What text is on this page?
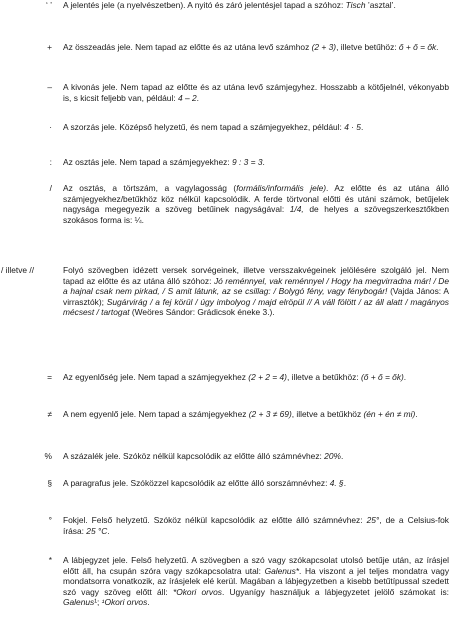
‘ ’ A jelentés jele (a nyelvészetben). A nyitó és záró jelentésjel tapad a szóhoz: Tisch ’asztal’.

+ Az összeadás jele. Nem tapad az előtte és az utána levő számhoz (2 + 3), illetve betűhöz: ő + ő = ők.

– A kivonás jele. Nem tapad az előtte és az utána levő számjegyhez. Hosszabb a kötőjelnél, vékonyabb is, s kicsit feljebb van, például: 4 – 2.

· A szorzás jele. Középső helyzetű, és nem tapad a számjegyekhez, például: 4 · 5.

: Az osztás jele. Nem tapad a számjegyekhez: 9 : 3 = 3.

/ Az osztás, a törtszám, a vagylagosság (formális/informális jele). Az előtte és az utána álló számjegyekhez/betűkhöz köz nélkül kapcsolódik. A ferde törtvonal előtti és utáni számok, betűjelek nagysága megegyezik a szöveg betűinek nagyságával: 1/4, de helyes a szövegszerkesztőkben szokásos forma is: ¼.

/ illetve //	Folyó szövegben idézett versek sorvégeinek, illetve versszakvégeinek jelölésére szolgáló jel. Nem tapad az előtte és az utána álló szóhoz: Jó reménnyel, vak reménnyel / Hogy ha megvirradna már! / De a hajnal csak nem pirkad, / S amit látunk, az se csillag: / Bolygó fény, vagy fénybogár! (Vajda János: A virrasztók); Sugárvirág / a fej körül / úgy imbolyog / majd elröpül // A váll fölött / az áll alatt / magányos mécsest / tartogat (Weöres Sándor: Grádicsok éneke 3.).

= Az egyenlőség jele. Nem tapad a számjegyekhez (2 + 2 = 4), illetve a betűkhöz: (ő + ő = ők).

≠ A nem egyenlő jele. Nem tapad a számjegyekhez (2 + 3 ≠ 69), illetve a betűkhöz (én + én ≠ mi).

% A százalék jele. Szóköz nélkül kapcsolódik az előtte álló számnévhez: 20%.

§ A paragrafus jele. Szóközzel kapcsolódik az előtte álló sorszámnévhez: 4. §.

° Fokjel. Felső helyzetű. Szóköz nélkül kapcsolódik az előtte álló számnévhez: 25°, de a Celsius-fok írása: 25 °C.

* A lábjegyzet jele. Felső helyzetű. A szövegben a szó vagy szókapcsolat utolsó betűje után, az írásjel előtt áll, ha csupán szóra vagy szókapcsolatra utal: Galenus*. Ha viszont a jel teljes mondatra vagy mondatsorra vonatkozik, az írásjelek elé kerül. Magában a lábjegyzetben a kisebb betűtípussal szedett szó vagy szöveg előtt áll: *Okori orvos. Ugyanígy használjuk a lábjegyzetet jelölő számokat is: Galenus¹; ¹Okori orvos.
